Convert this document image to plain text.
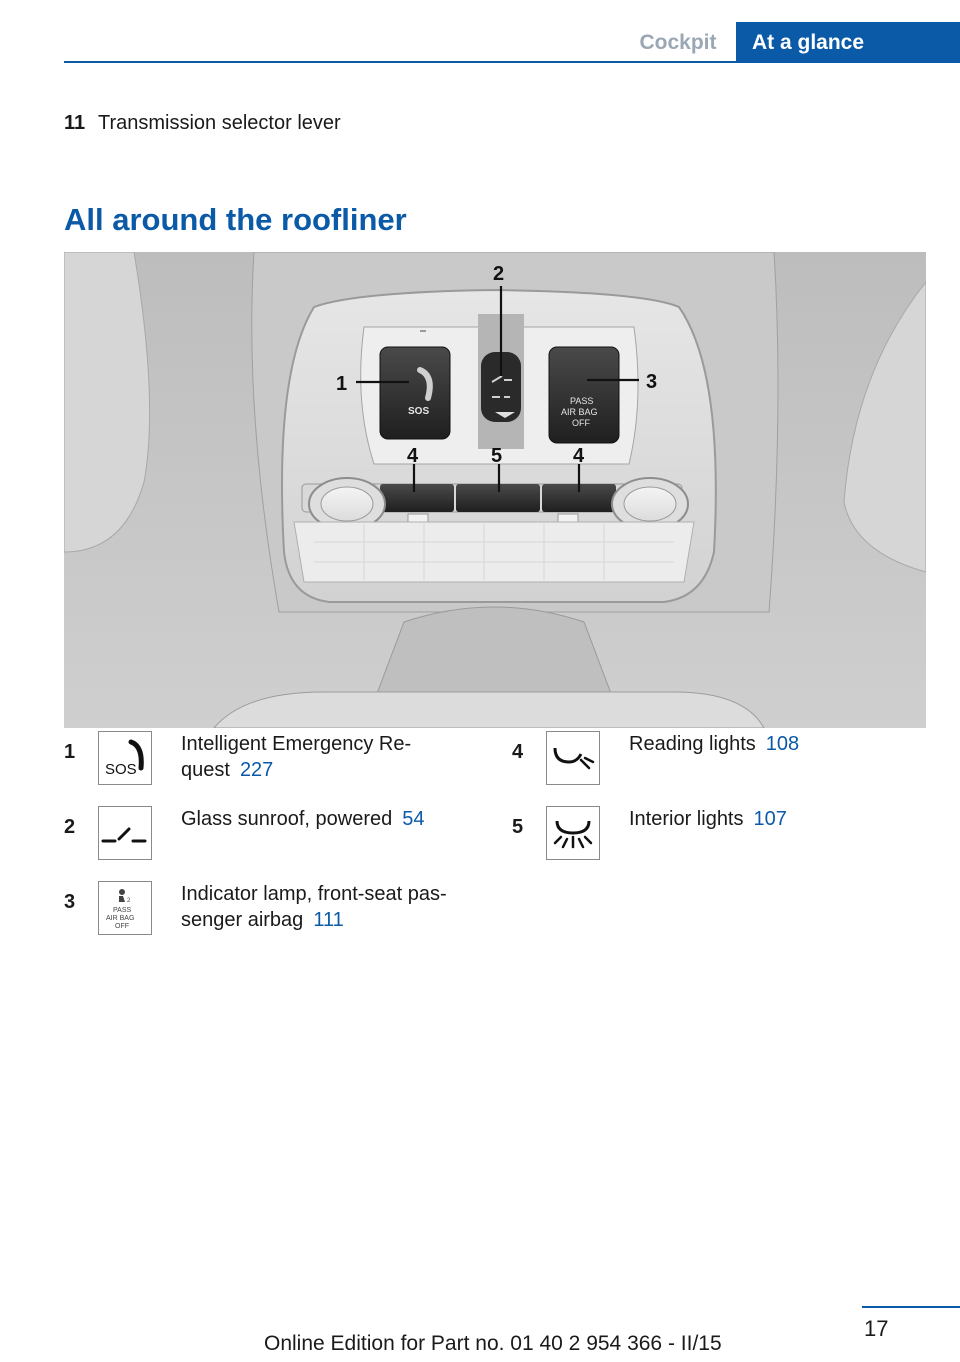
Cockpit	At a glance
11 Transmission selector lever
All around the roofliner
SOS
PASS
AIR BAG
OFF
1
2
3
4	5	4
1
SOS
Intelligent Emergency Re-
quest 227
2	Glass sunroof, powered 54
3	2
PASS
AIR BAG
OFF
Indicator lamp, front-seat pas-
senger airbag 111
4	Reading lights 108
5	Interior lights 107
17
Online Edition for Part no. 01 40 2 954 366 - II/15
